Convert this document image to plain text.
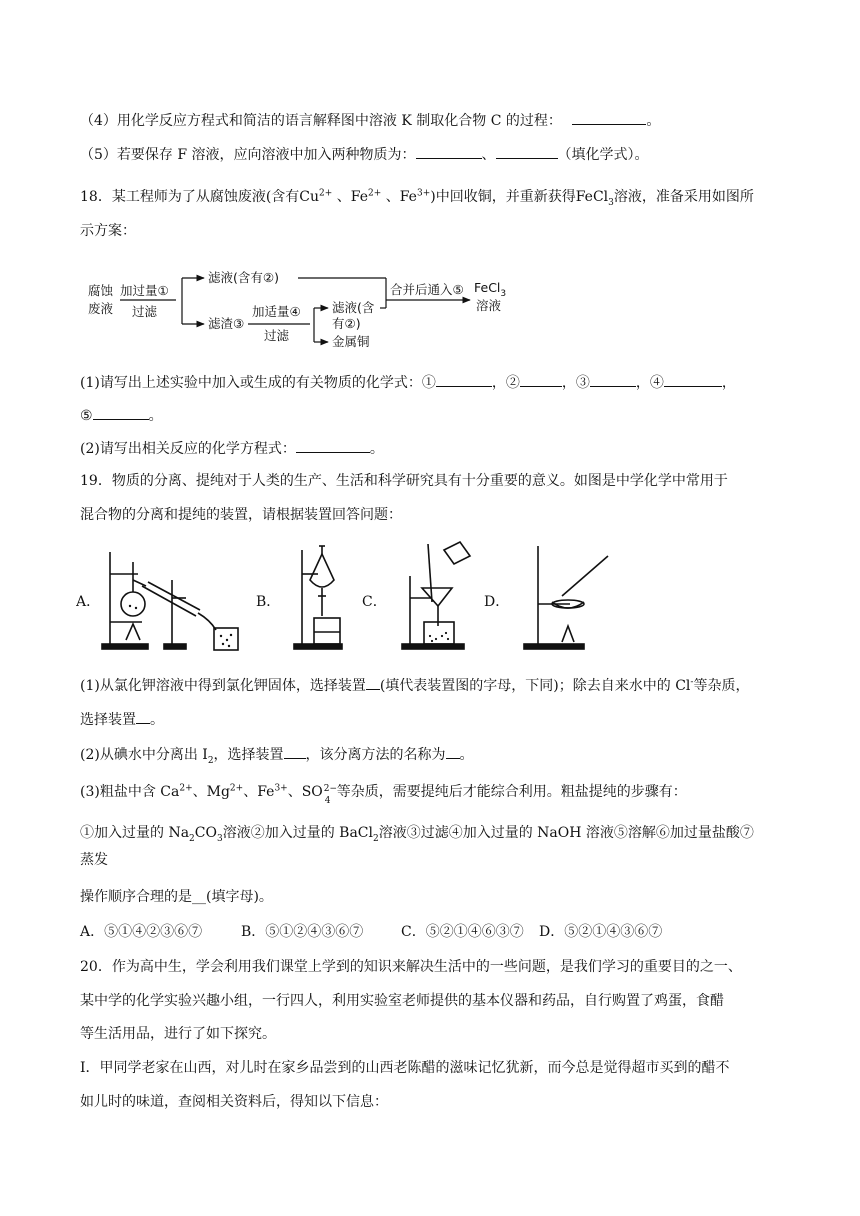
（4）用化学反应方程式和简洁的语言解释图中溶液 K 制取化合物 C 的过程：	。
（5）若要保存 F 溶液，应向溶液中加入两种物质为：	、	（填化学式）。
18．某工程师为了从腐蚀废液(含有$Cu^{2+}$ 、$Fe^{2+}$ 、$Fe^{3+}$)中回收铜，并重新获得FeCl$_3$溶液，准备采用如图所
示方案：
腐蚀
废液
加过量①
过滤
滤液(含有②)
滤渣③
加适量④
过滤
滤液(含
有②)
金属铜
合并后通入⑤ FeCl$_3$
溶液
(1)请写出上述实验中加入或生成的有关物质的化学式：①	，②	，③	，④	，
⑤	。
(2)请写出相关反应的化学方程式：	。
19．物质的分离、提纯对于人类的生产、生活和科学研究具有十分重要的意义。如图是中学化学中常用于
混合物的分离和提纯的装置，请根据装置回答问题：
A．	B．	C．	D．
(1)从氯化钾溶液中得到氯化钾固体，选择装置 (填代表装置图的字母，下同)；除去自来水中的 Cl-等杂质，
选择装置 。
(2)从碘水中分离出 $I_2$，选择装置 ，该分离方法的名称为 。
(3)粗盐中含 $Ca^{2+}$、$Mg^{2+}$、$Fe^{3+}$、SO 2−
4
等杂质，需要提纯后才能综合利用。粗盐提纯的步骤有：
①加入过量的 $Na_2CO_3$溶液②加入过量的 BaCl$_2$溶液③过滤④加入过量的 NaOH 溶液⑤溶解⑥加过量盐酸⑦
蒸发
操作顺序合理的是__(填字母)。
A．⑤①④②③⑥⑦	B．⑤①②④③⑥⑦	C．⑤②①④⑥③⑦ D．⑤②①④③⑥⑦
20．作为高中生，学会利用我们课堂上学到的知识来解决生活中的一些问题，是我们学习的重要目的之一、
某中学的化学实验兴趣小组，一行四人，利用实验室老师提供的基本仪器和药品，自行购置了鸡蛋，食醋
等生活用品，进行了如下探究。
I．甲同学老家在山西，对儿时在家乡品尝到的山西老陈醋的滋味记忆犹新，而今总是觉得超市买到的醋不
如儿时的味道，查阅相关资料后，得知以下信息：
